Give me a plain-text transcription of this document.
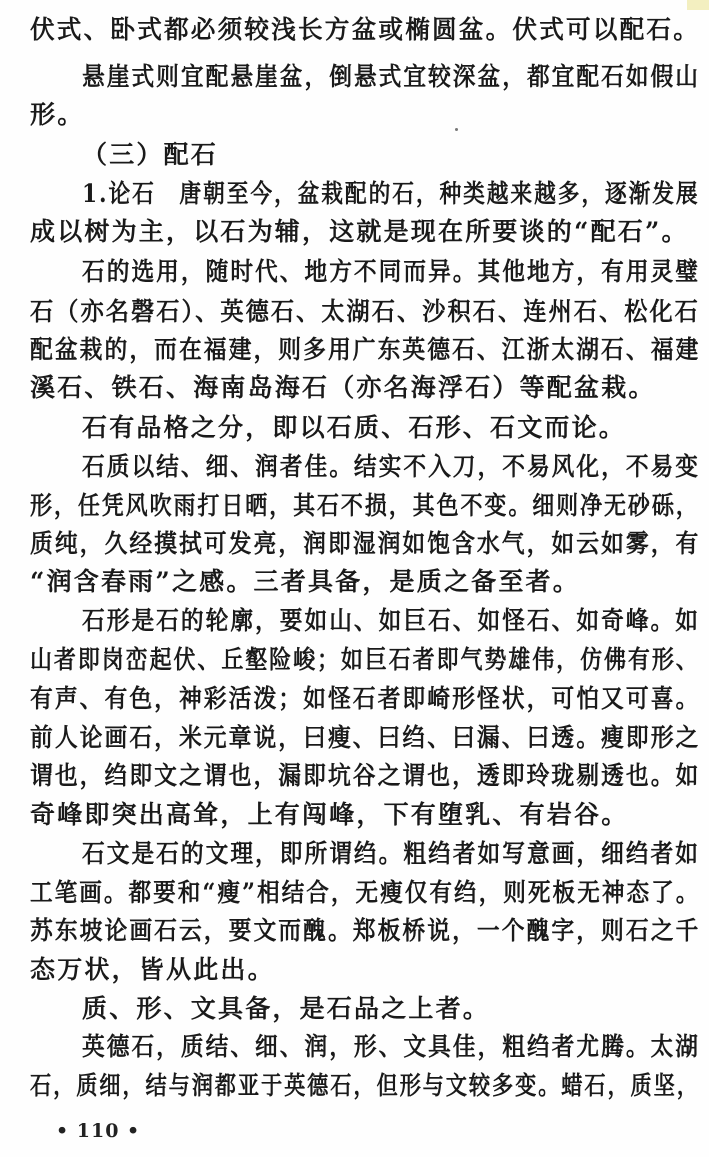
伏式、卧式都必须较浅长方盆或椭圆盆。伏式可以配石。
悬崖式则宜配悬崖盆，倒悬式宜较深盆，都宜配石如假山
形。
（三）配石
1.论石　唐朝至今，盆栽配的石，种类越来越多，逐渐发展
成以树为主，以石为辅，这就是现在所要谈的“配石”。
石的选用，随时代、地方不同而异。其他地方，有用灵璧
石（亦名磬石）、英德石、太湖石、沙积石、连州石、松化石
配盆栽的，而在福建，则多用广东英德石、江浙太湖石、福建
溪石、铁石、海南岛海石（亦名海浮石）等配盆栽。
石有品格之分，即以石质、石形、石文而论。
石质以结、细、润者佳。结实不入刀，不易风化，不易变
形，任凭风吹雨打日晒，其石不损，其色不变。细则净无砂砾，
质纯，久经摸拭可发亮，润即湿润如饱含水气，如云如雾，有
“润含春雨”之感。三者具备，是质之备至者。
石形是石的轮廓，要如山、如巨石、如怪石、如奇峰。如
山者即岗峦起伏、丘壑险峻；如巨石者即气势雄伟，仿佛有形、
有声、有色，神彩活泼；如怪石者即崎形怪状，可怕又可喜。
前人论画石，米元章说，曰瘦、曰绉、曰漏、曰透。瘦即形之
谓也，绉即文之谓也，漏即坑谷之谓也，透即玲珑剔透也。如
奇峰即突出高耸，上有闯峰，下有堕乳、有岩谷。
石文是石的文理，即所谓绉。粗绉者如写意画，细绉者如
工笔画。都要和“瘦”相结合，无瘦仅有绉，则死板无神态了。
苏东坡论画石云，要文而醜。郑板桥说，一个醜字，则石之千
态万状，皆从此出。
质、形、文具备，是石品之上者。
英德石，质结、细、润，形、文具佳，粗绉者尤腾。太湖
石，质细，结与润都亚于英德石，但形与文较多变。蜡石，质坚，
• 110 •
